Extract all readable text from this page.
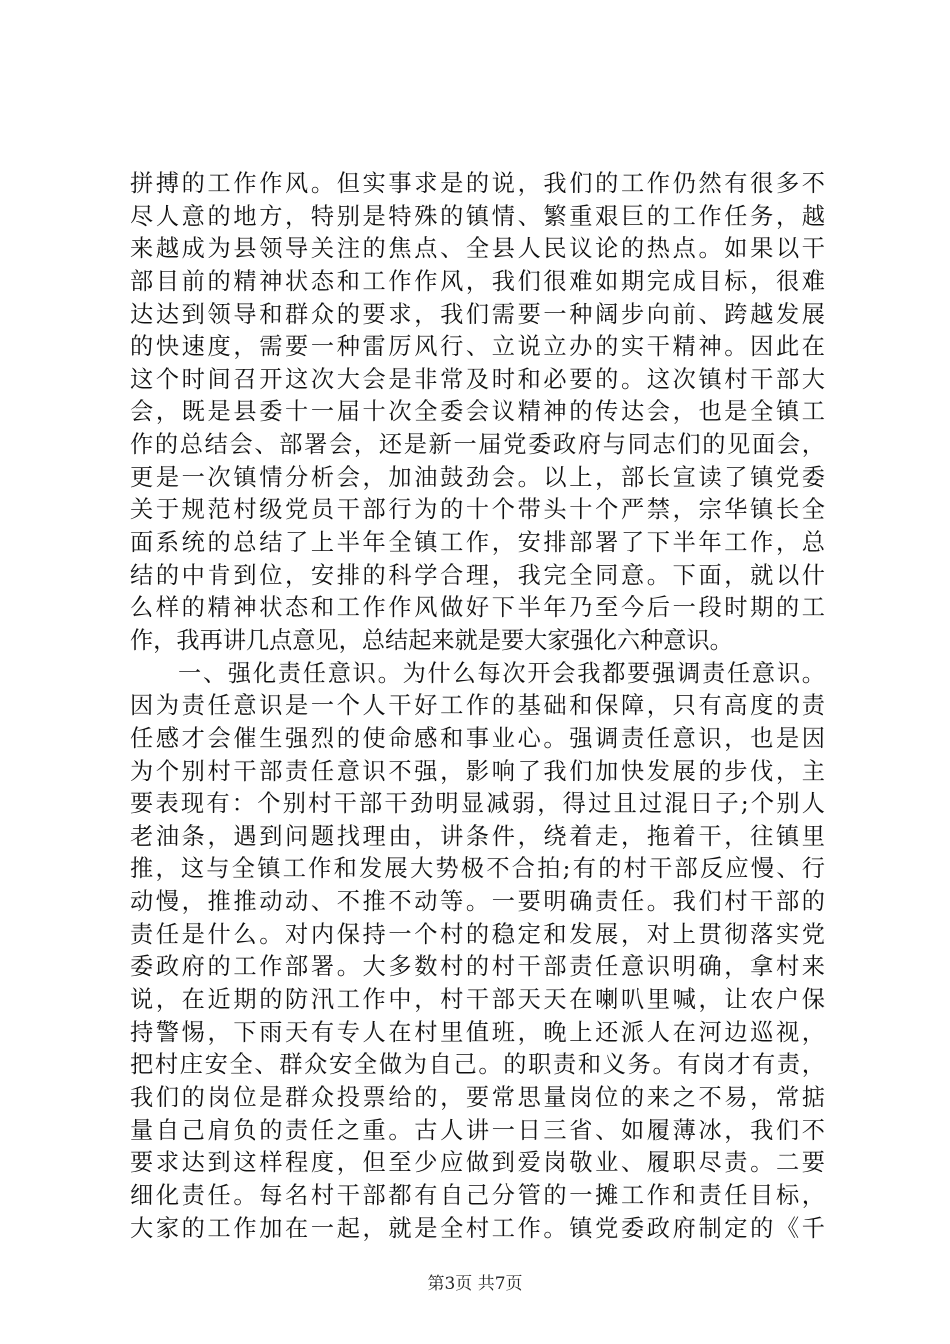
拼搏的工作作风。但实事求是的说，我们的工作仍然有很多不
尽人意的地方，特别是特殊的镇情、繁重艰巨的工作任务，越
来越成为县领导关注的焦点、全县人民议论的热点。如果以干
部目前的精神状态和工作作风，我们很难如期完成目标，很难
达达到领导和群众的要求，我们需要一种阔步向前、跨越发展
的快速度，需要一种雷厉风行、立说立办的实干精神。因此在
这个时间召开这次大会是非常及时和必要的。这次镇村干部大
会，既是县委十一届十次全委会议精神的传达会，也是全镇工
作的总结会、部署会，还是新一届党委政府与同志们的见面会，
更是一次镇情分析会，加油鼓劲会。以上，部长宣读了镇党委
关于规范村级党员干部行为的十个带头十个严禁，宗华镇长全
面系统的总结了上半年全镇工作，安排部署了下半年工作，总
结的中肯到位，安排的科学合理，我完全同意。下面，就以什
么样的精神状态和工作作风做好下半年乃至今后一段时期的工
作，我再讲几点意见，总结起来就是要大家强化六种意识。
一、强化责任意识。为什么每次开会我都要强调责任意识。
因为责任意识是一个人干好工作的基础和保障，只有高度的责
任感才会催生强烈的使命感和事业心。强调责任意识，也是因
为个别村干部责任意识不强，影响了我们加快发展的步伐，主
要表现有：个别村干部干劲明显减弱，得过且过混日子;个别人
老油条，遇到问题找理由，讲条件，绕着走，拖着干，往镇里
推，这与全镇工作和发展大势极不合拍;有的村干部反应慢、行
动慢，推推动动、不推不动等。一要明确责任。我们村干部的
责任是什么。对内保持一个村的稳定和发展，对上贯彻落实党
委政府的工作部署。大多数村的村干部责任意识明确，拿村来
说，在近期的防汛工作中，村干部天天在喇叭里喊，让农户保
持警惕，下雨天有专人在村里值班，晚上还派人在河边巡视，
把村庄安全、群众安全做为自己。的职责和义务。有岗才有责，
我们的岗位是群众投票给的，要常思量岗位的来之不易，常掂
量自己肩负的责任之重。古人讲一日三省、如履薄冰，我们不
要求达到这样程度，但至少应做到爱岗敬业、履职尽责。二要
细化责任。每名村干部都有自己分管的一摊工作和责任目标，
大家的工作加在一起，就是全村工作。镇党委政府制定的《千
第3页 共7页
